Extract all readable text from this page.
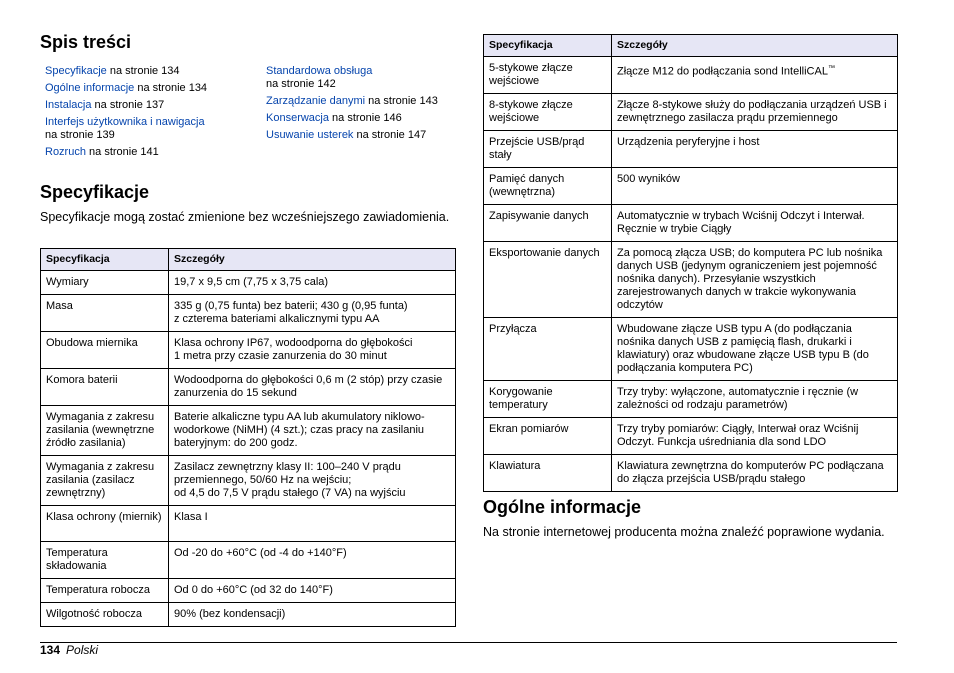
Spis treści
Specyfikacje na stronie 134
Ogólne informacje na stronie 134
Instalacja na stronie 137
Interfejs użytkownika i nawigacja
na stronie 139
Rozruch na stronie 141
Standardowa obsługa
na stronie 142
Zarządzanie danymi na stronie 143
Konserwacja na stronie 146
Usuwanie usterek na stronie 147
Specyfikacje
Specyfikacje mogą zostać zmienione bez wcześniejszego zawiadomienia.
Specyfikacja	Szczegóły
Wymiary	19,7 x 9,5 cm (7,75 x 3,75 cala)
Masa	335 g (0,75 funta) bez baterii; 430 g (0,95 funta)
z czterema bateriami alkalicznymi typu AA
Obudowa miernika	Klasa ochrony IP67, wodoodporna do głębokości
1 metra przy czasie zanurzenia do 30 minut
Komora baterii	Wodoodporna do głębokości 0,6 m (2 stóp) przy czasie zanurzenia do 15 sekund
Wymagania z zakresu zasilania (wewnętrzne źródło zasilania)	Baterie alkaliczne typu AA lub akumulatory niklowo-wodorkowe (NiMH) (4 szt.); czas pracy na zasilaniu bateryjnym: do 200 godz.
Wymagania z zakresu zasilania (zasilacz zewnętrzny)	Zasilacz zewnętrzny klasy II: 100–240 V prądu przemiennego, 50/60 Hz na wejściu;
od 4,5 do 7,5 V prądu stałego (7 VA) na wyjściu
Klasa ochrony (miernik)	Klasa I
Temperatura składowania	Od -20 do +60°C (od -4 do +140°F)
Temperatura robocza	Od 0 do +60°C (od 32 do 140°F)
Wilgotność robocza	90% (bez kondensacji)
Specyfikacja	Szczegóły
5-stykowe złącze wejściowe	Złącze M12 do podłączania sond IntelliCAL™
8-stykowe złącze wejściowe	Złącze 8-stykowe służy do podłączania urządzeń USB i zewnętrznego zasilacza prądu przemiennego
Przejście USB/prąd stały	Urządzenia peryferyjne i host
Pamięć danych (wewnętrzna)	500 wyników
Zapisywanie danych	Automatycznie w trybach Wciśnij Odczyt i Interwał. Ręcznie w trybie Ciągły
Eksportowanie danych	Za pomocą złącza USB; do komputera PC lub nośnika danych USB (jedynym ograniczeniem jest pojemność nośnika danych). Przesyłanie wszystkich zarejestrowanych danych w trakcie wykonywania odczytów
Przyłącza	Wbudowane złącze USB typu A (do podłączania nośnika danych USB z pamięcią flash, drukarki i klawiatury) oraz wbudowane złącze USB typu B (do podłączania komputera PC)
Korygowanie temperatury	Trzy tryby: wyłączone, automatycznie i ręcznie (w zależności od rodzaju parametrów)
Ekran pomiarów	Trzy tryby pomiarów: Ciągły, Interwał oraz Wciśnij Odczyt. Funkcja uśredniania dla sond LDO
Klawiatura	Klawiatura zewnętrzna do komputerów PC podłączana do złącza przejścia USB/prądu stałego
Ogólne informacje
Na stronie internetowej producenta można znaleźć poprawione wydania.
134 Polski
